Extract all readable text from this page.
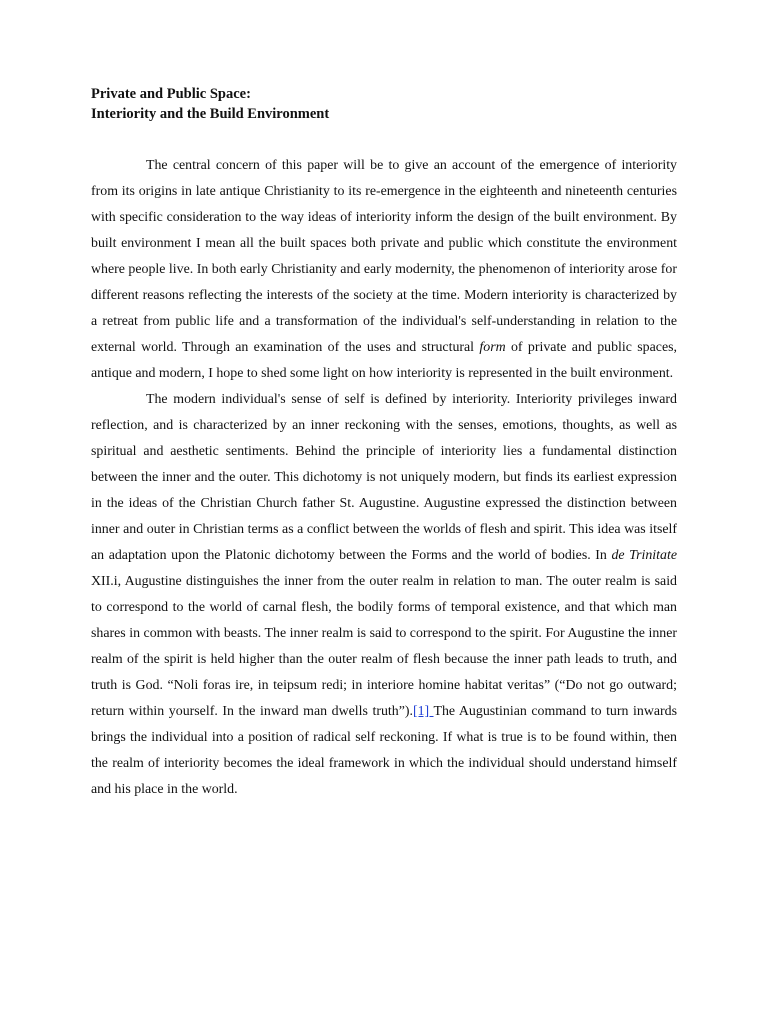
Private and Public Space:
Interiority and the Build Environment

The central concern of this paper will be to give an account of the emergence of interiority from its origins in late antique Christianity to its re-emergence in the eighteenth and nineteenth centuries with specific consideration to the way ideas of interiority inform the design of the built environment. By built environment I mean all the built spaces both private and public which constitute the environment where people live. In both early Christianity and early modernity, the phenomenon of interiority arose for different reasons reflecting the interests of the society at the time. Modern interiority is characterized by a retreat from public life and a transformation of the individual's self-understanding in relation to the external world. Through an examination of the uses and structural form of private and public spaces, antique and modern, I hope to shed some light on how interiority is represented in the built environment.

The modern individual's sense of self is defined by interiority. Interiority privileges inward reflection, and is characterized by an inner reckoning with the senses, emotions, thoughts, as well as spiritual and aesthetic sentiments. Behind the principle of interiority lies a fundamental distinction between the inner and the outer. This dichotomy is not uniquely modern, but finds its earliest expression in the ideas of the Christian Church father St. Augustine. Augustine expressed the distinction between inner and outer in Christian terms as a conflict between the worlds of flesh and spirit. This idea was itself an adaptation upon the Platonic dichotomy between the Forms and the world of bodies. In de Trinitate XII.i, Augustine distinguishes the inner from the outer realm in relation to man. The outer realm is said to correspond to the world of carnal flesh, the bodily forms of temporal existence, and that which man shares in common with beasts. The inner realm is said to correspond to the spirit. For Augustine the inner realm of the spirit is held higher than the outer realm of flesh because the inner path leads to truth, and truth is God. “Noli foras ire, in teipsum redi; in interiore homine habitat veritas” (“Do not go outward; return within yourself. In the inward man dwells truth”).[1] The Augustinian command to turn inwards brings the individual into a position of radical self reckoning. If what is true is to be found within, then the realm of interiority becomes the ideal framework in which the individual should understand himself and his place in the world.
